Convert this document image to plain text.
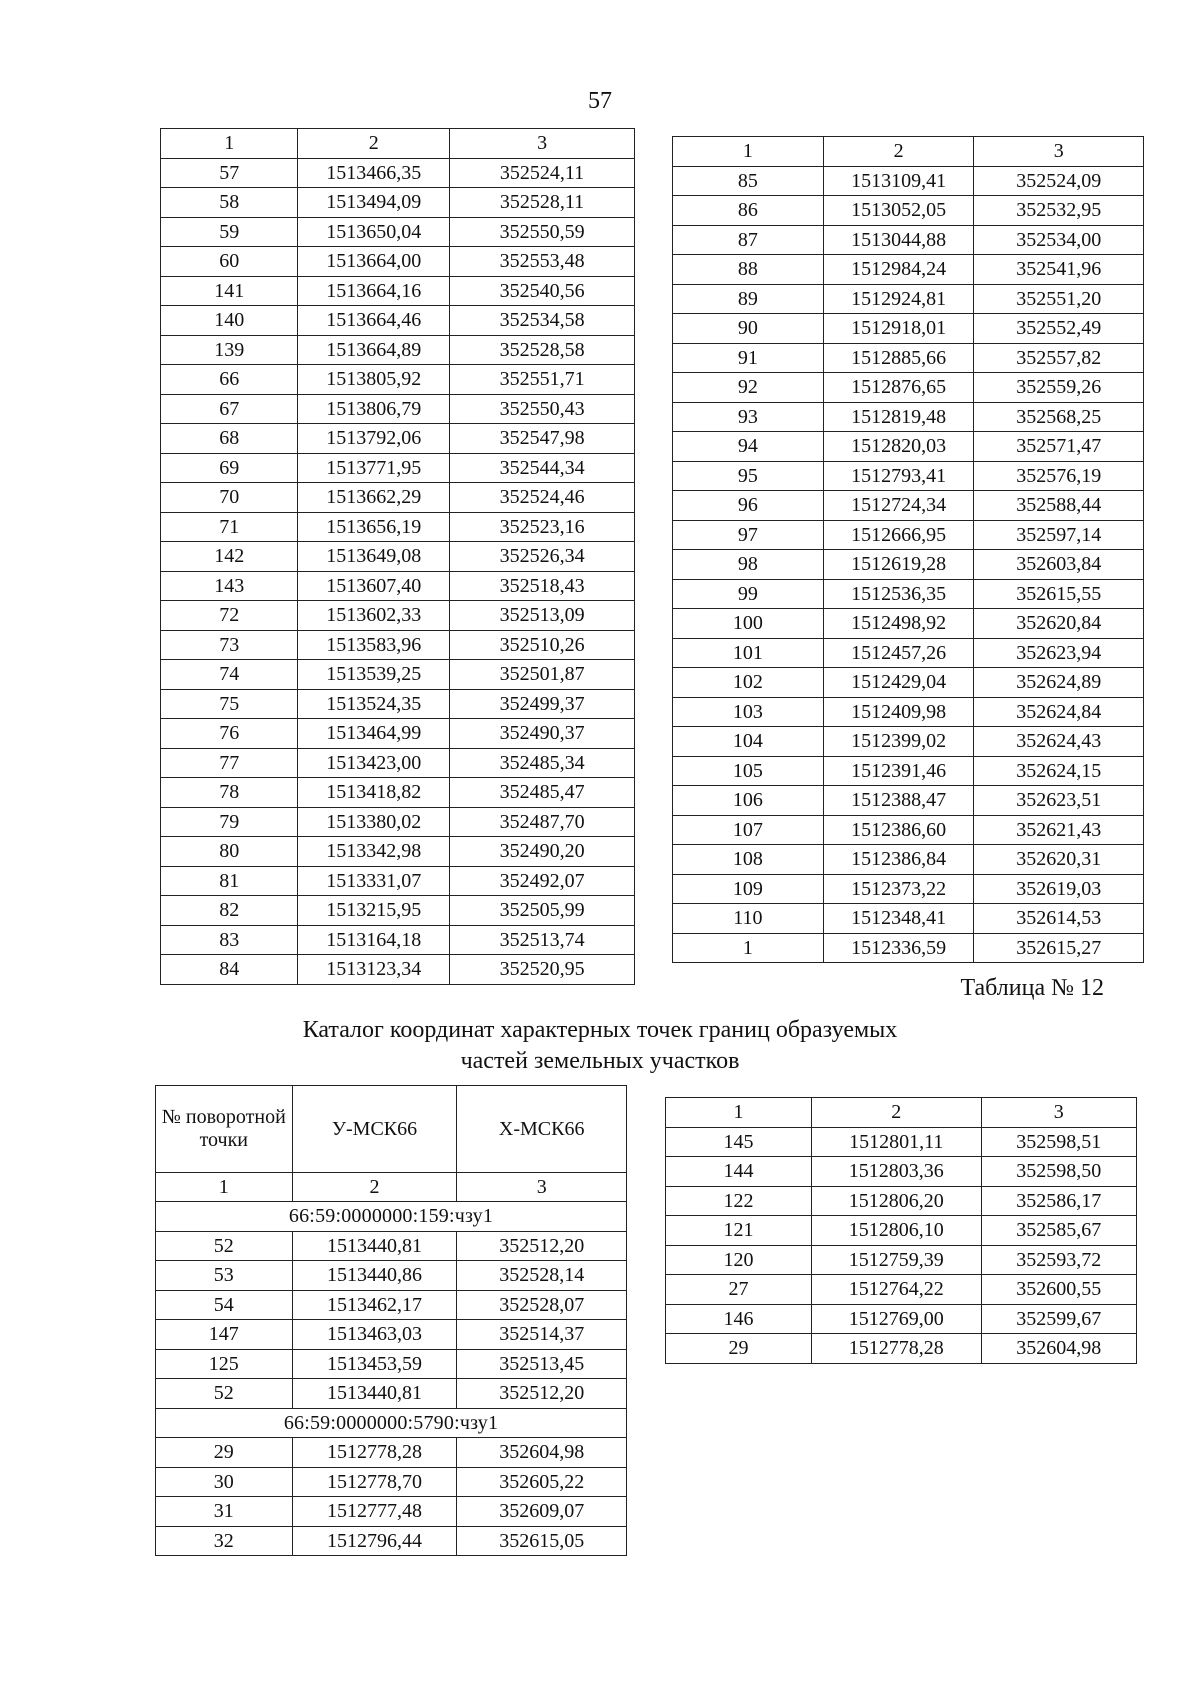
57
1	2	3
57	1513466,35	352524,11
58	1513494,09	352528,11
59	1513650,04	352550,59
60	1513664,00	352553,48
141	1513664,16	352540,56
140	1513664,46	352534,58
139	1513664,89	352528,58
66	1513805,92	352551,71
67	1513806,79	352550,43
68	1513792,06	352547,98
69	1513771,95	352544,34
70	1513662,29	352524,46
71	1513656,19	352523,16
142	1513649,08	352526,34
143	1513607,40	352518,43
72	1513602,33	352513,09
73	1513583,96	352510,26
74	1513539,25	352501,87
75	1513524,35	352499,37
76	1513464,99	352490,37
77	1513423,00	352485,34
78	1513418,82	352485,47
79	1513380,02	352487,70
80	1513342,98	352490,20
81	1513331,07	352492,07
82	1513215,95	352505,99
83	1513164,18	352513,74
84	1513123,34	352520,95
1	2	3
85	1513109,41	352524,09
86	1513052,05	352532,95
87	1513044,88	352534,00
88	1512984,24	352541,96
89	1512924,81	352551,20
90	1512918,01	352552,49
91	1512885,66	352557,82
92	1512876,65	352559,26
93	1512819,48	352568,25
94	1512820,03	352571,47
95	1512793,41	352576,19
96	1512724,34	352588,44
97	1512666,95	352597,14
98	1512619,28	352603,84
99	1512536,35	352615,55
100	1512498,92	352620,84
101	1512457,26	352623,94
102	1512429,04	352624,89
103	1512409,98	352624,84
104	1512399,02	352624,43
105	1512391,46	352624,15
106	1512388,47	352623,51
107	1512386,60	352621,43
108	1512386,84	352620,31
109	1512373,22	352619,03
110	1512348,41	352614,53
1	1512336,59	352615,27
Таблица № 12
Каталог координат характерных точек границ образуемых
частей земельных участков
№ поворотной точки	У-МСК66	Х-МСК66
1	2	3
66:59:0000000:159:чзу1		
52	1513440,81	352512,20
53	1513440,86	352528,14
54	1513462,17	352528,07
147	1513463,03	352514,37
125	1513453,59	352513,45
52	1513440,81	352512,20
66:59:0000000:5790:чзу1		
29	1512778,28	352604,98
30	1512778,70	352605,22
31	1512777,48	352609,07
32	1512796,44	352615,05
1	2	3
145	1512801,11	352598,51
144	1512803,36	352598,50
122	1512806,20	352586,17
121	1512806,10	352585,67
120	1512759,39	352593,72
27	1512764,22	352600,55
146	1512769,00	352599,67
29	1512778,28	352604,98
